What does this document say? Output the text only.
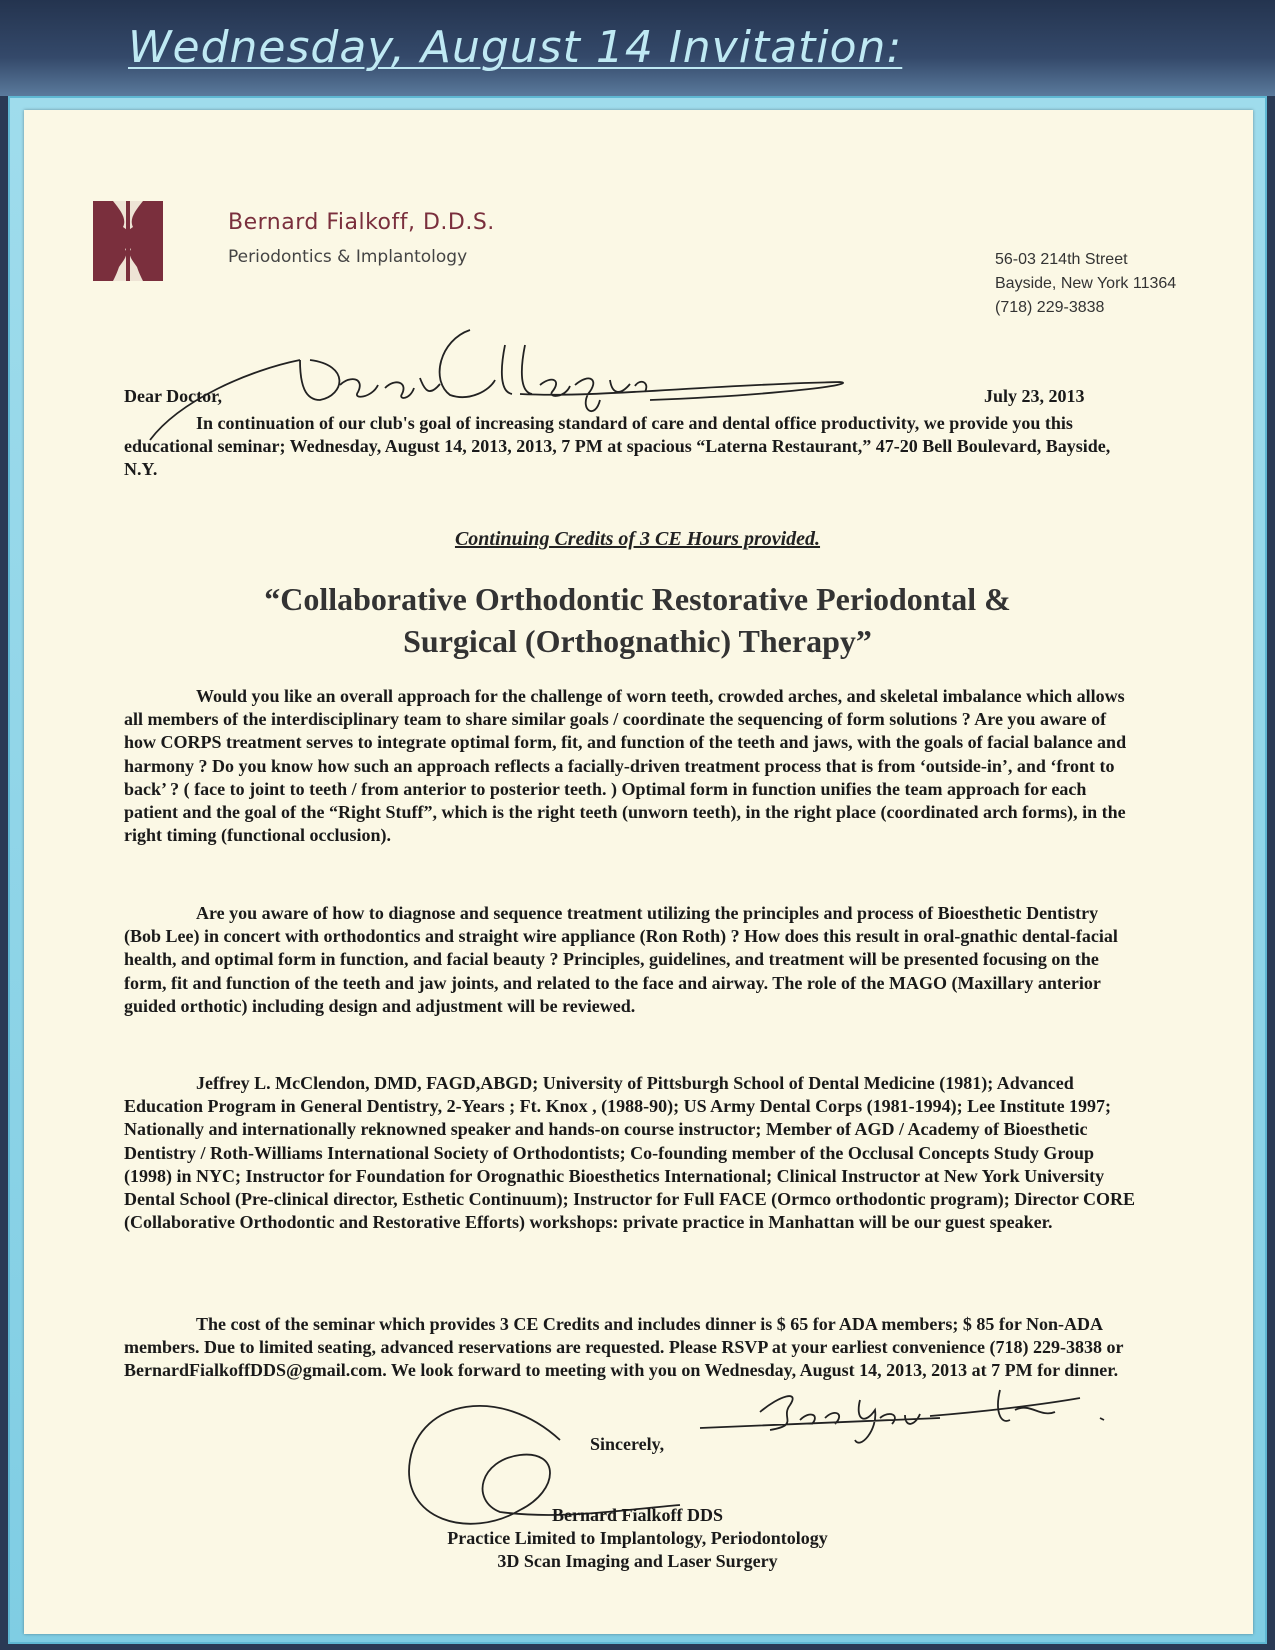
Wednesday, August 14 Invitation:
Bernard Fialkoff, D.D.S.
Periodontics & Implantology	56-03 214th Street
Bayside, New York 11364
(718) 229-3838
Dear Doctor,	July 23, 2013
In continuation of our club's goal of increasing standard of care and dental office productivity, we provide you this educational seminar; Wednesday, August 14, 2013, 2013, 7 PM at spacious “Laterna Restaurant,” 47-20 Bell Boulevard, Bayside, N.Y.
Continuing Credits of 3 CE Hours provided.
“Collaborative Orthodontic Restorative Periodontal &
Surgical (Orthognathic) Therapy”
Would you like an overall approach for the challenge of worn teeth, crowded arches, and skeletal imbalance which allows all members of the interdisciplinary team to share similar goals / coordinate the sequencing of form solutions ? Are you aware of how CORPS treatment serves to integrate optimal form, fit, and function of the teeth and jaws, with the goals of facial balance and harmony ? Do you know how such an approach reflects a facially-driven treatment process that is from ‘outside-in’, and ‘front to back’ ? ( face to joint to teeth / from anterior to posterior teeth. ) Optimal form in function unifies the team approach for each patient and the goal of the “Right Stuff”, which is the right teeth (unworn teeth), in the right place (coordinated arch forms), in the right timing (functional occlusion).
Are you aware of how to diagnose and sequence treatment utilizing the principles and process of Bioesthetic Dentistry (Bob Lee) in concert with orthodontics and straight wire appliance (Ron Roth) ? How does this result in oral-gnathic dental-facial health, and optimal form in function, and facial beauty ? Principles, guidelines, and treatment will be presented focusing on the form, fit and function of the teeth and jaw joints, and related to the face and airway. The role of the MAGO (Maxillary anterior guided orthotic) including design and adjustment will be reviewed.
Jeffrey L. McClendon, DMD, FAGD,ABGD; University of Pittsburgh School of Dental Medicine (1981); Advanced Education Program in General Dentistry, 2-Years ; Ft. Knox , (1988-90); US Army Dental Corps (1981-1994); Lee Institute 1997; Nationally and internationally reknowned speaker and hands-on course instructor; Member of AGD / Academy of Bioesthetic Dentistry / Roth-Williams International Society of Orthodontists; Co-founding member of the Occlusal Concepts Study Group (1998) in NYC; Instructor for Foundation for Orognathic Bioesthetics International; Clinical Instructor at New York University Dental School (Pre-clinical director, Esthetic Continuum); Instructor for Full FACE (Ormco orthodontic program); Director CORE (Collaborative Orthodontic and Restorative Efforts) workshops: private practice in Manhattan will be our guest speaker.
The cost of the seminar which provides 3 CE Credits and includes dinner is $ 65 for ADA members; $ 85 for Non-ADA members. Due to limited seating, advanced reservations are requested. Please RSVP at your earliest convenience (718) 229-3838 or BernardFialkoffDDS@gmail.com. We look forward to meeting with you on Wednesday, August 14, 2013, 2013 at 7 PM for dinner.
Sincerely,
Bernard Fialkoff DDS
Practice Limited to Implantology, Periodontology
3D Scan Imaging and Laser Surgery
